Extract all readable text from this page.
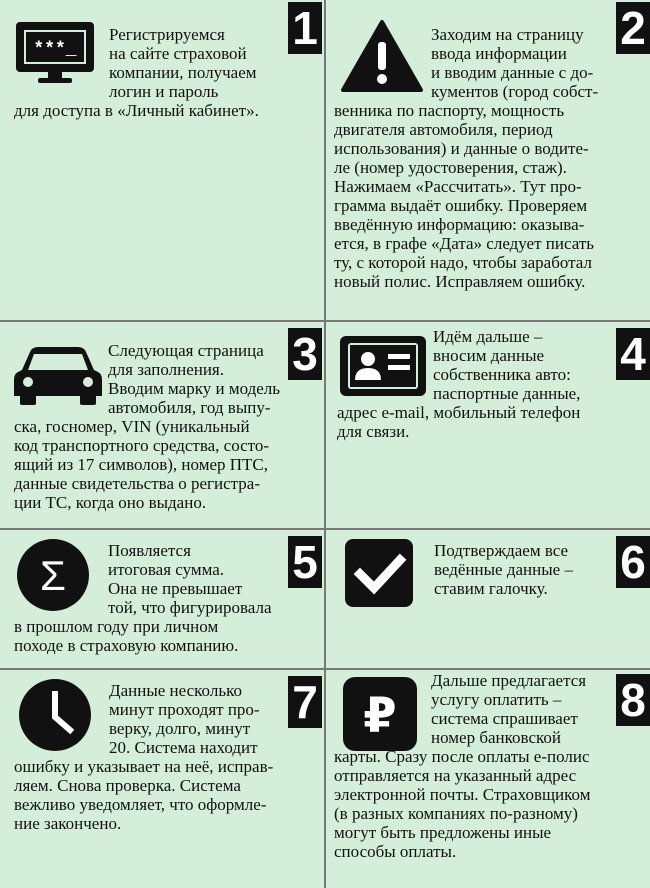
1
***_
Регистрируемся
на сайте страховой
компании, получаем
логин и пароль
для доступа в «Личный кабинет».
2
Заходим на страницу
ввода информации
и вводим данные с до-
кументов (город собст-
венника по паспорту, мощность
двигателя автомобиля, период
использования) и данные о водите-
ле (номер удостоверения, стаж).
Нажимаем «Рассчитать». Тут про-
грамма выдаёт ошибку. Проверяем
введённую информацию: оказыва-
ется, в графе «Дата» следует писать
ту, с которой надо, чтобы заработал
новый полис. Исправляем ошибку.
3
Следующая страница
для заполнения.
Вводим марку и модель
автомобиля, год выпу-
ска, госномер, VIN (уникальный
код транспортного средства, состо-
ящий из 17 символов), номер ПТС,
данные свидетельства о регистра-
ции ТС, когда оно выдано.
4
Идём дальше –
вносим данные
собственника авто:
паспортные данные,
адрес e-mail, мобильный телефон
для связи.
5
Σ
Появляется
итоговая сумма.
Она не превышает
той, что фигурировала
в прошлом году при личном
походе в страховую компанию.
6
Подтверждаем все
ведённые данные –
ставим галочку.
7
Данные несколько
минут проходят про-
верку, долго, минут
20. Система находит
ошибку и указывает на неё, исправ-
ляем. Снова проверка. Система
вежливо уведомляет, что оформле-
ние закончено.
8
₽
Дальше предлагается
услугу оплатить –
система спрашивает
номер банковской
карты. Сразу после оплаты е-полис
отправляется на указанный адрес
электронной почты. Страховщиком
(в разных компаниях по-разному)
могут быть предложены иные
способы оплаты.
